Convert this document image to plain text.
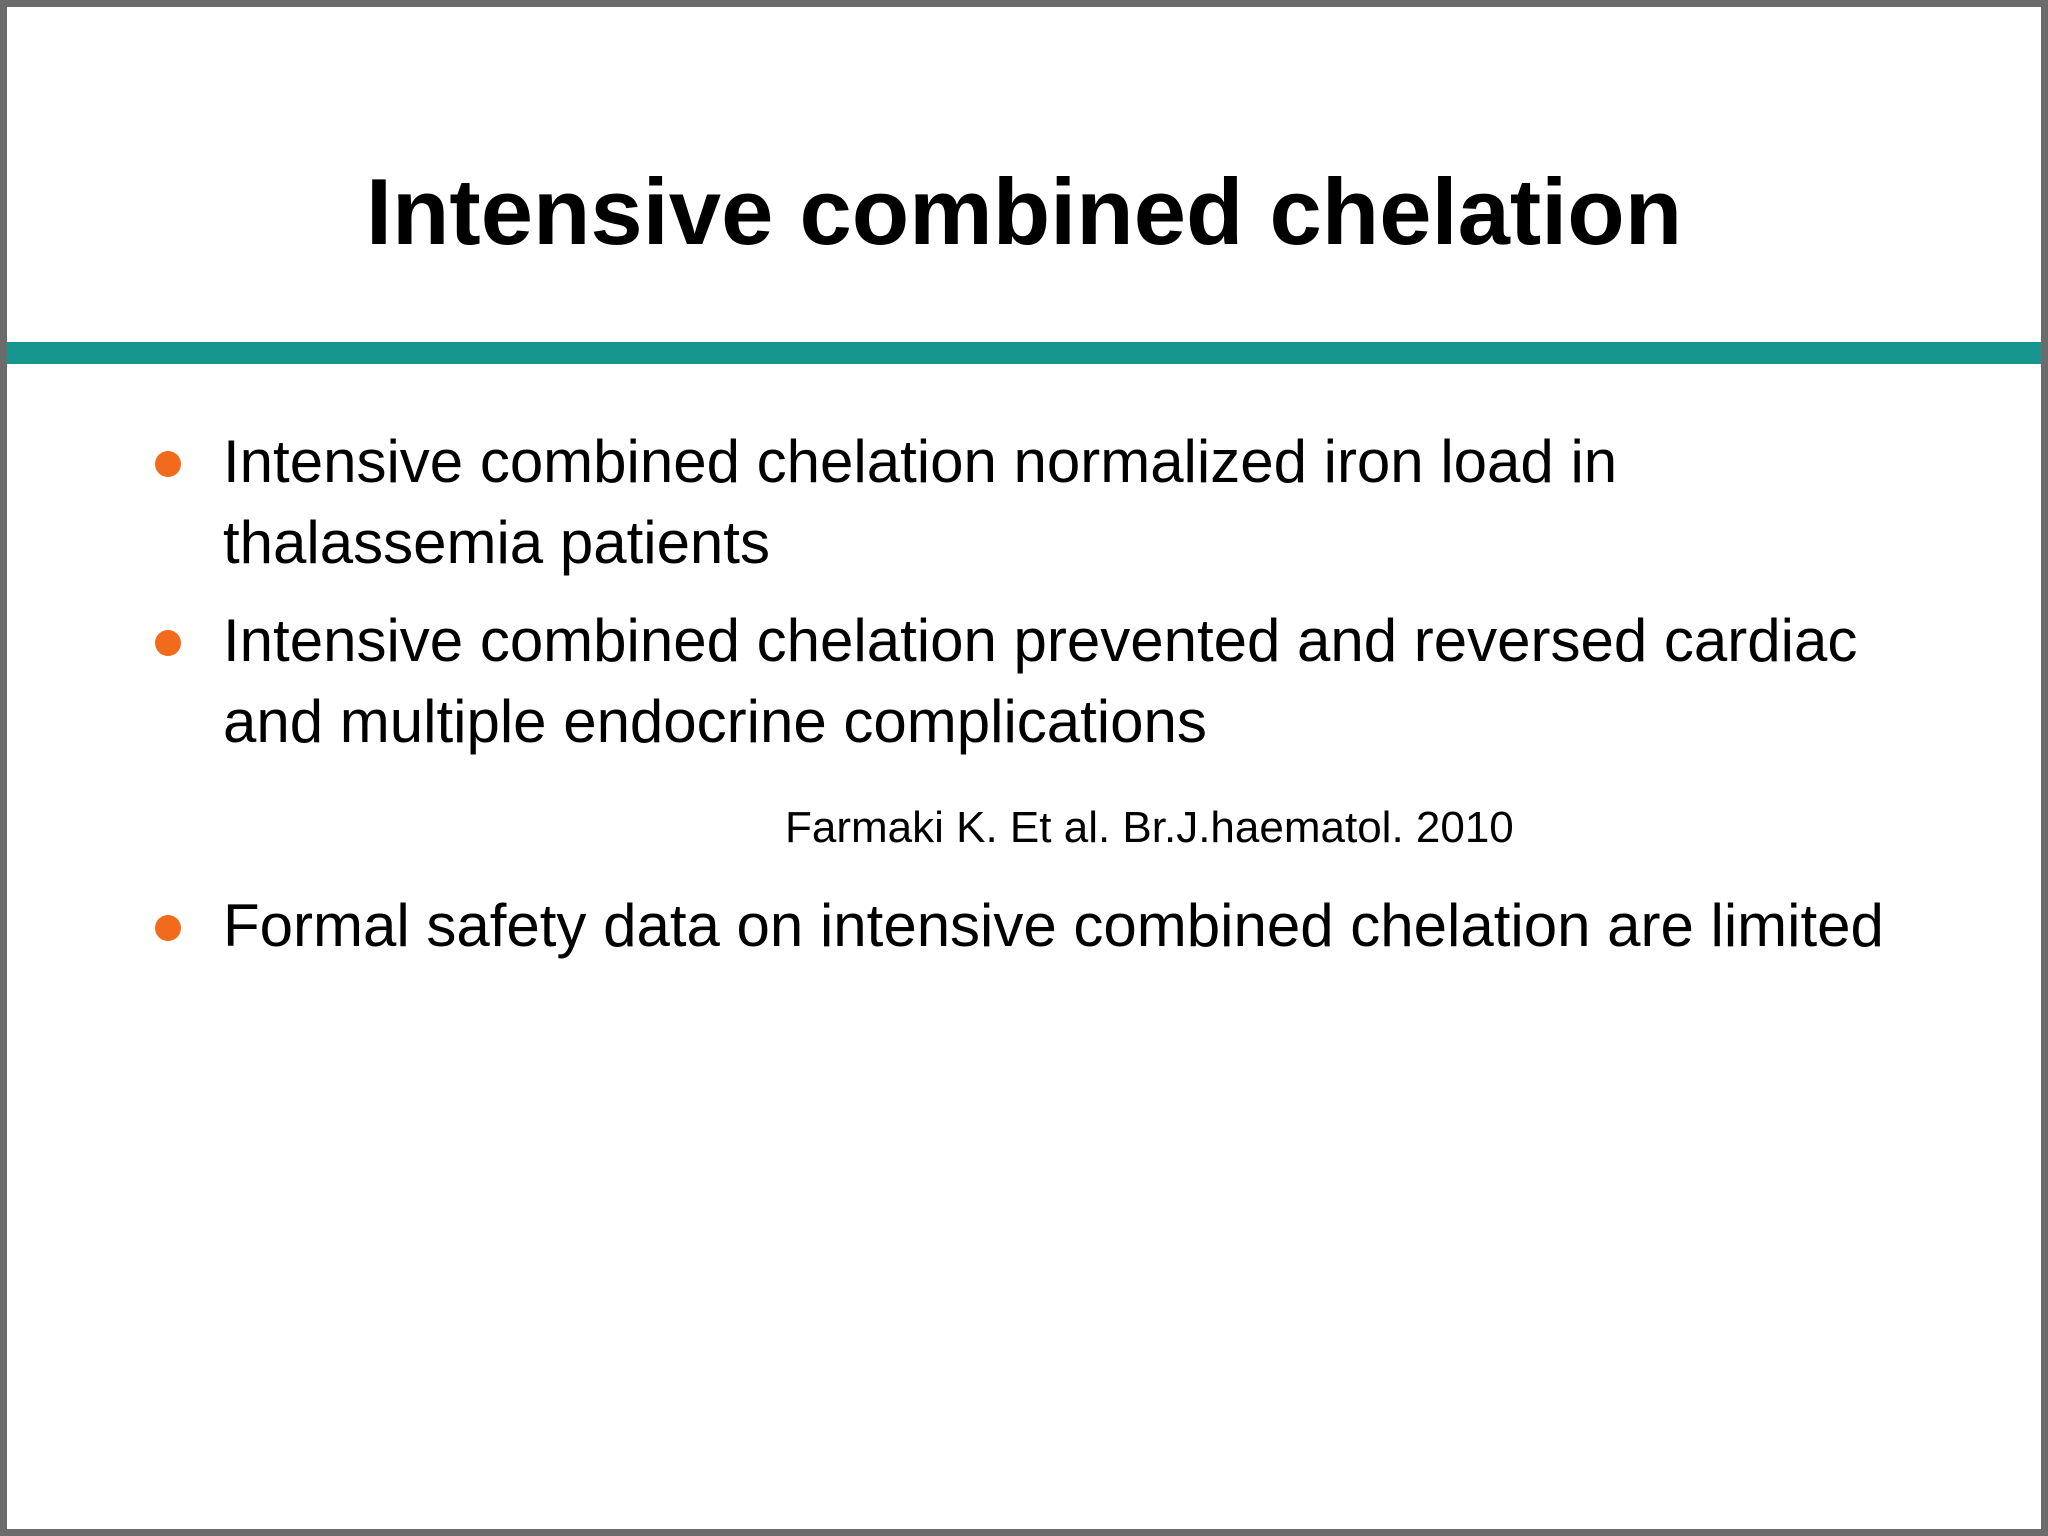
Intensive combined chelation

Intensive combined chelation normalized iron load in thalassemia patients

Intensive combined chelation prevented and reversed cardiac and multiple endocrine complications

Farmaki K. Et al. Br.J.haematol. 2010

Formal safety data on intensive combined chelation are limited
